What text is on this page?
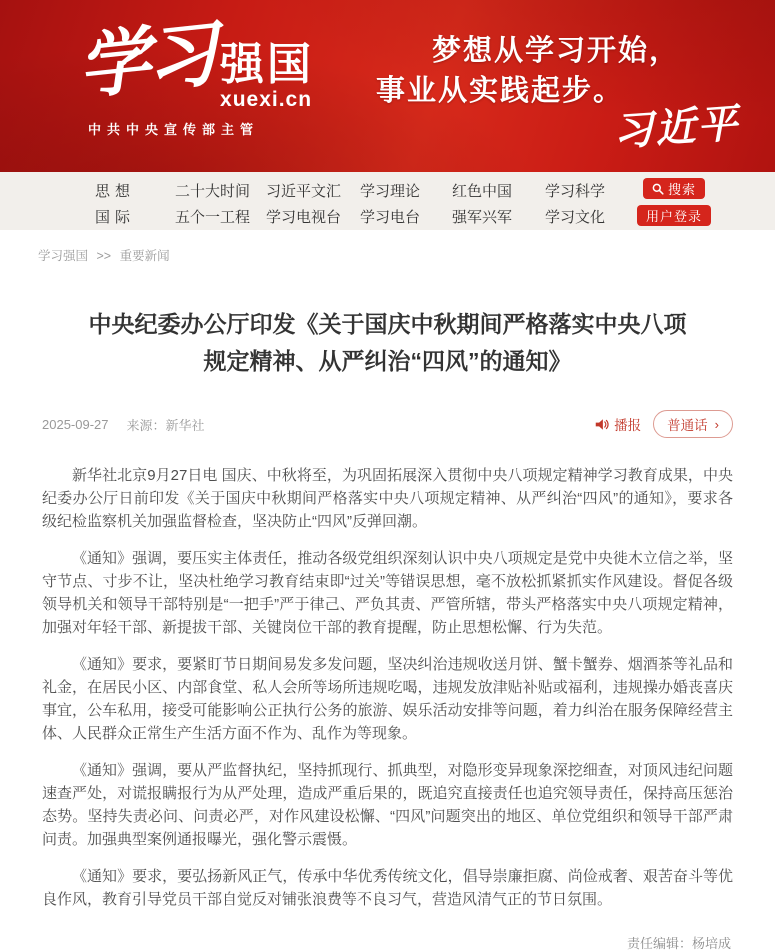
学习 强国
xuexi.cn
中共中央宣传部主管
梦想从学习开始，
事业从实践起步。
习近平
思想	二十大时间	习近平文汇	学习理论	红色中国	学习科学
国际	五个一工程	学习电视台	学习电台	强军兴军	学习文化
搜索
用户登录
学习强国 >> 重要新闻
中央纪委办公厅印发《关于国庆中秋期间严格落实中央八项规定精神、从严纠治“四风”的通知》
2025-09-27 来源：新华社	播报 普通话 ›

新华社北京9月27日电 国庆、中秋将至，为巩固拓展深入贯彻中央八项规定精神学习教育成果，中央纪委办公厅日前印发《关于国庆中秋期间严格落实中央八项规定精神、从严纠治“四风”的通知》，要求各级纪检监察机关加强监督检查，坚决防止“四风”反弹回潮。

《通知》强调，要压实主体责任，推动各级党组织深刻认识中央八项规定是党中央徙木立信之举，坚守节点、寸步不让，坚决杜绝学习教育结束即“过关”等错误思想，毫不放松抓紧抓实作风建设。督促各级领导机关和领导干部特别是“一把手”严于律己、严负其责、严管所辖，带头严格落实中央八项规定精神，加强对年轻干部、新提拔干部、关键岗位干部的教育提醒，防止思想松懈、行为失范。

《通知》要求，要紧盯节日期间易发多发问题，坚决纠治违规收送月饼、蟹卡蟹券、烟酒茶等礼品和礼金，在居民小区、内部食堂、私人会所等场所违规吃喝，违规发放津贴补贴或福利，违规操办婚丧喜庆事宜，公车私用，接受可能影响公正执行公务的旅游、娱乐活动安排等问题，着力纠治在服务保障经营主体、人民群众正常生产生活方面不作为、乱作为等现象。

《通知》强调，要从严监督执纪，坚持抓现行、抓典型，对隐形变异现象深挖细查，对顶风违纪问题速查严处，对谎报瞒报行为从严处理，造成严重后果的，既追究直接责任也追究领导责任，保持高压惩治态势。坚持失责必问、问责必严，对作风建设松懈、“四风”问题突出的地区、单位党组织和领导干部严肃问责。加强典型案例通报曝光，强化警示震慑。

《通知》要求，要弘扬新风正气，传承中华优秀传统文化，倡导崇廉拒腐、尚俭戒奢、艰苦奋斗等优良作风，教育引导党员干部自觉反对铺张浪费等不良习气，营造风清气正的节日氛围。

责任编辑：杨培成
